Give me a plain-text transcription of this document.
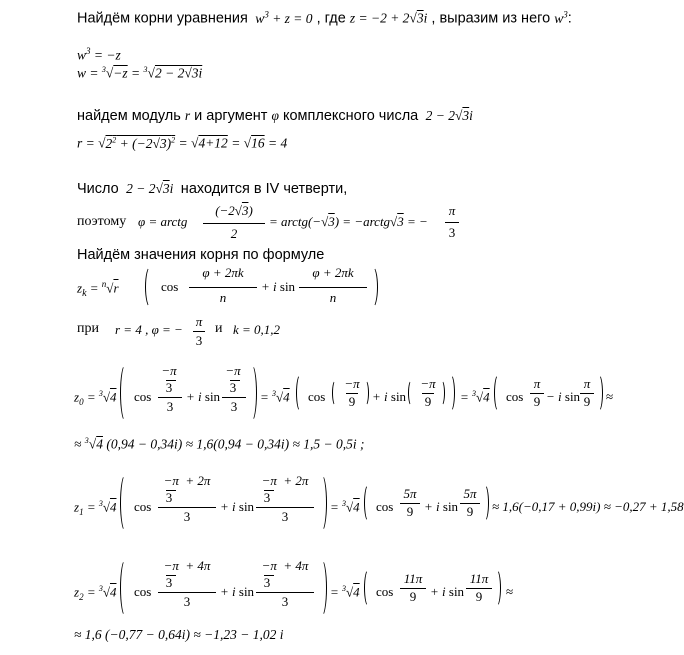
Найдём корни уравнения  $w^3 + z = 0$ , где z = −2 + 2√3i , выразим из него $w^3$:
$w^3 = -z$
w = $^3$√−z = $^3$√2 − 2√3i
найдем модуль r и аргумент φ комплексного числа  2 − 2√3i
$r = √2^2 + (-2√3)^2 = √4+12 = √16 = 4$
Число  2 − 2√3i  находится в IV четверти,
поэтому φ = arctg
(−2√3)
2
= arctg(−√3) = −arctg√3 = −
π
3
Найдём значения корня по формуле
$z_k = ^n√r$	cos
φ + 2πk
n
+ i sin
φ + 2πk
n
при r = 4 , φ = −
π
3
и k = 0,1,2
$z_0 = ^3√4$ cos
−π
3
3
+ i sin
−π
3
3
= $^3$√4 cos
−π
9	+ i sin
−π
9	= $^3$√4 cos
π
9 − i sin
π
9 ≈
≈ $^3$√4 (0,94 − 0,34i) ≈ 1,6(0,94 − 0,34i) ≈ 1,5 − 0,5i ;
$z_1 = ^3√4$ cos
−π  + 2π
3
3
+ i sin
−π  + 2π
3
3
= $^3$√4 cos
5π
9 + i sin
5π
9	≈ 1,6(−0,17 + 0,99i) ≈ −0,27 + 1,58
$z_2 = ^3√4$ cos
−π  + 4π
3
3
+ i sin
−π  + 4π
3
3
= $^3$√4 cos
11π
9	+ i sin
11π
9	≈
≈ 1,6 (−0,77 − 0,64i) ≈ −1,23 − 1,02 i
